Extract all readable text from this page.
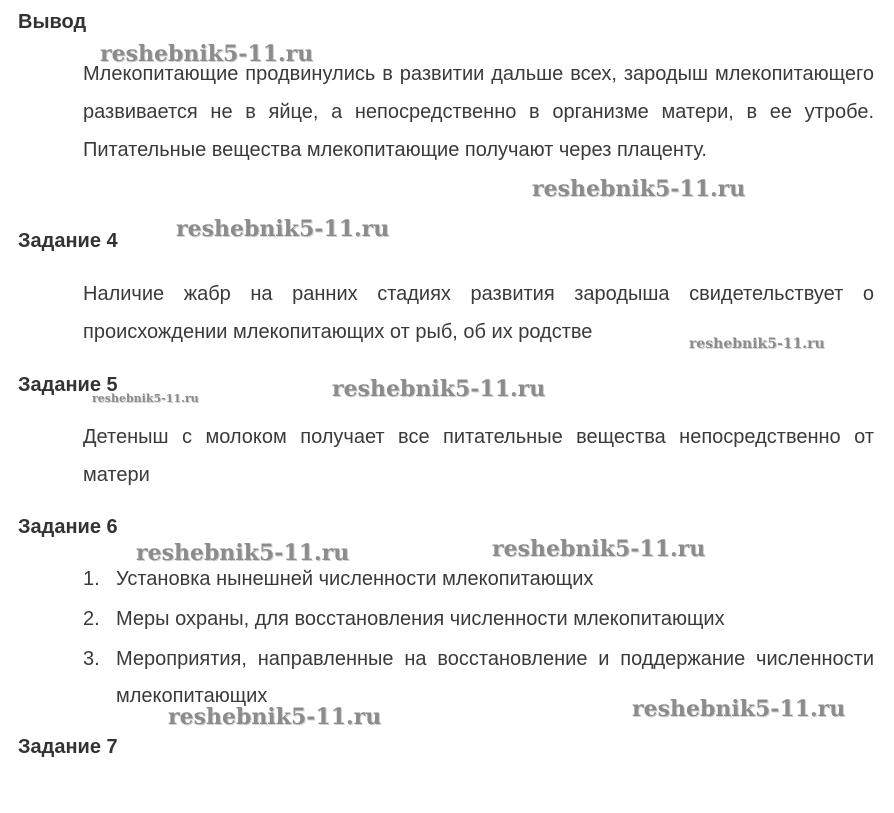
Вывод

Млекопитающие продвинулись в развитии дальше всех, зародыш млекопитающего развивается не в яйце, а непосредственно в организме матери, в ее утробе. Питательные вещества млекопитающие получают через плаценту.

Задание 4

Наличие жабр на ранних стадиях развития зародыша свидетельствует о происхождении млекопитающих от рыб, об их родстве

Задание 5

Детеныш с молоком получает все питательные вещества непосредственно от матери

Задание 6
1. Установка нынешней численности млекопитающих
2. Меры охраны, для восстановления численности млекопитающих
3. Мероприятия, направленные на восстановление и поддержание численности млекопитающих
Задание 7
reshebnik5-11.ru
reshebnik5-11.ru
reshebnik5-11.ru
reshebnik5-11.ru
reshebnik5-11.ru	reshebnik5-11.ru
reshebnik5-11.ru	reshebnik5-11.ru
reshebnik5-11.ru	reshebnik5-11.ru
